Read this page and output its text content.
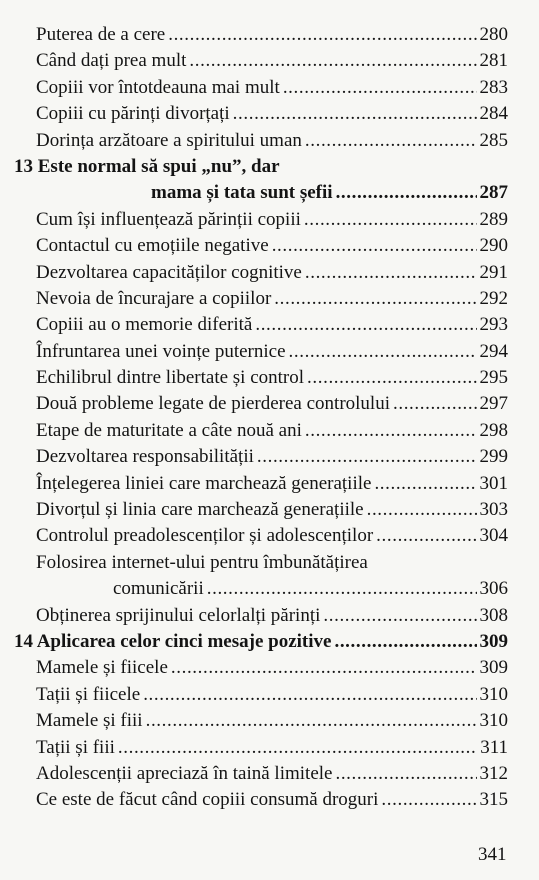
Puterea de a cere .....	280
Când dați prea mult .....	281
Copiii vor întotdeauna mai mult .....	283
Copiii cu părinți divorțați .....	284
Dorința arzătoare a spiritului uman .....	285
13 Este normal să spui „nu”, dar
mama și tata sunt șefii .....	287
Cum își influențează părinții copiii .....	289
Contactul cu emoțiile negative .....	290
Dezvoltarea capacităților cognitive .....	291
Nevoia de încurajare a copiilor .....	292
Copiii au o memorie diferită .....	293
Înfruntarea unei voințe puternice .....	294
Echilibrul dintre libertate și control .....	295
Două probleme legate de pierderea controlului .....	297
Etape de maturitate a câte nouă ani .....	298
Dezvoltarea responsabilității .....	299
Înțelegerea liniei care marchează generațiile .....	301
Divorțul și linia care marchează generațiile .....	303
Controlul preadolescenților și adolescenților .....	304
Folosirea internet-ului pentru îmbunătățirea
comunicării .....	306
Obținerea sprijinului celorlalți părinți .....	308
14 Aplicarea celor cinci mesaje pozitive .....	309
Mamele și fiicele .....	309
Tații și fiicele .....	310
Mamele și fiii .....	310
Tații și fiii .....	311
Adolescenții apreciază în taină limitele .....	312
Ce este de făcut când copiii consumă droguri .....	315
341
